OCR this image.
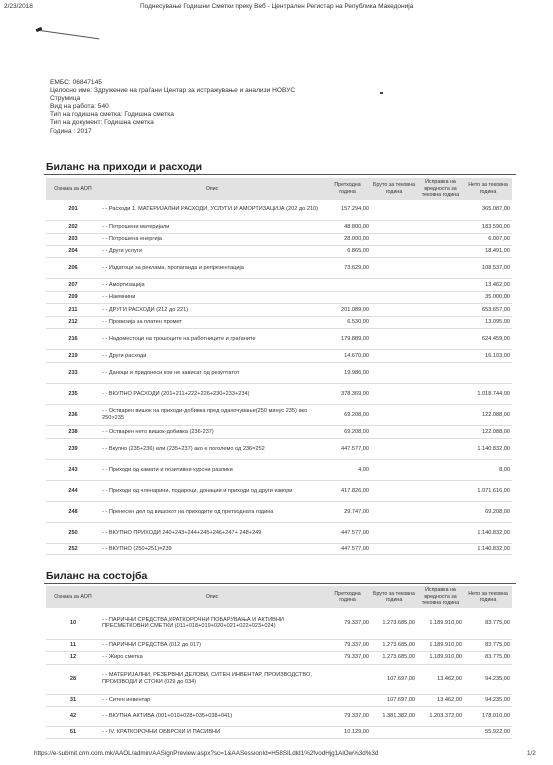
2/23/2018	Поднесување Годишни Сметки преку Веб - Централен Регистар на Република Македонија
ЕМБС: 06847145
Целосно име: Здружение на граѓани Центар за истражување и анализи НОВУС
Струмица
Вид на работа: 540
Тип на годишна сметка: Годишна сметка
Тип на документ: Годишна сметка
Година : 2017
Биланс на приходи и расходи
Ознака за АОП	Опис	Претходна година	Бруто за тековна година	Исправка на вредноста за тековна година	Нето за тековна година
201	- - Расходи 1. МАТЕРИЈАЛНИ РАСХОДИ, УСЛУГИ И АМОРТИЗАЦИЈА (202 до 210)	157.294,00			365.087,00
202	- - Потрошени материјали	48.800,00			183.590,00
203	- - Потрошена енергија	28.000,00			6.007,00
204	- - Други услуги	6.865,00			18.491,00
206	- - Издатоци за реклама, пропаганда и репрезентација	73.629,00			108.537,00
207	- - Амортизација				13.462,00
209	- - Наемнини				35.000,00
211	- - ДРУГИ РАСХОДИ (212 до 221)	201.089,00			653.657,00
212	- - Провизија за платен промет	6.530,00			13.095,00
216	- - Надоместоци на трошоците на работниците и граѓаните	179.889,00			624.459,00
219	- - Други расходи	14.670,00			16.103,00
233	- - Даноци и придонеси кои не зависат од резултатот	19.986,00			
235	- - ВКУПНО РАСХОДИ (201+211+222+226+230+233+234)	378.369,00			1.018.744,00
236	- - Остварен вишок на приходи-добивка пред оданочување(250 минус 235) ако 250>235	69.208,00			122.088,00
238	- - Остварен нето вишок-добивка (236-237)	69.208,00			122.088,00
239	- - Вкупно (235+236) или (235+237) ако е поголемо од 236=252	447.577,00			1.140.832,00
243	- - Приходи од камати и позитивни курсни разлики	4,00			8,00
244	- - Приходи од членарини, подароци, донации и приходи од други извори	417.826,00			1.071.616,00
248	- - Пренесен дел од вишокот на приходите од претходната година	29.747,00			69.208,00
250	- - ВКУПНО ПРИХОДИ 240+243+244+245+246+247+ 248+249	447.577,00			1.140.832,00
252	- - ВКУПНО (250+251)=239	447.577,00			1.140.832,00
Биланс на состојба
Ознака за АОП	Опис	Претходна година	Бруто за тековна година	Исправка на вредноста за тековна година	Нето за тековна година
10	- - ПАРИЧНИ СРЕДСТВА,КРАТКОРОЧНИ ПОБАРУВАЊА И АКТИВНИ ПРЕСМЕТКОВНИ СМЕТКИ (011+018+019+020+021+022+023+024)	79.337,00	1.273.685,00	1.189.910,00	83.775,00
11	- - ПАРИЧНИ СРЕДСТВА (012 до 017)	79.337,00	1.273.685,00	1.189.910,00	83.775,00
12	- - Жиро сметка	79.337,00	1.273.685,00	1.189.910,00	83.775,00
28	- - МАТЕРИЈАЛНИ, РЕЗЕРВНИ ДЕЛОВИ, СИТЕН ИНВЕНТАР, ПРОИЗВОДСТВО, ПРОИЗВОДИ И СТОКИ (029 до 034)		107.697,00	13.462,00	94.235,00
31	- - Ситен инвентар		107.697,00	13.462,00	94.235,00
42	- - ВКУПНА АКТИВА (001+010+028+035+038+041)	79.337,00	1.381.382,00	1.203.372,00	178.010,00
51	- - IV. КРАТКОРОЧНИ ОБВРСКИ И ПАСИВНИ	10.129,00			55.922,00
https://e-submit.crm.com.mk/AAOL/admin/AASignPreview.aspx?sc=1&AASessionId=H58SILdld1%2fvodHjg1AlOw%3d%3d	1/2
